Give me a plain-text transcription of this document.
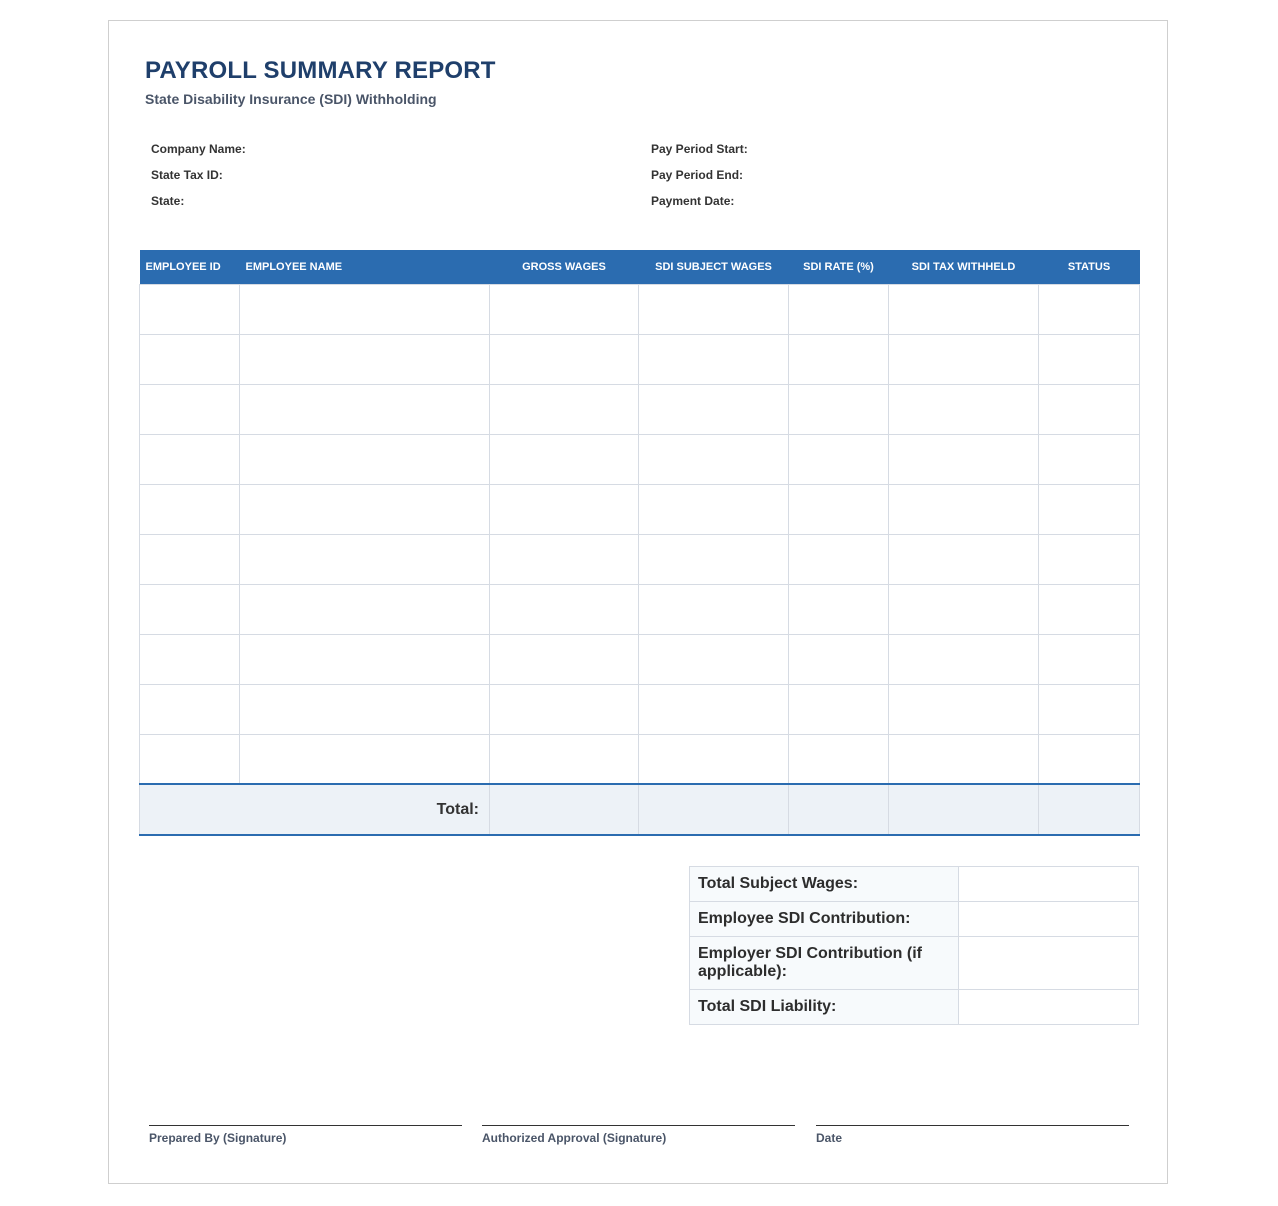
PAYROLL SUMMARY REPORT
State Disability Insurance (SDI) Withholding
Company Name:
State Tax ID:
State:
Pay Period Start:
Pay Period End:
Payment Date:
EMPLOYEE ID	EMPLOYEE NAME	GROSS WAGES	SDI SUBJECT WAGES	SDI RATE (%)	SDI TAX WITHHELD	STATUS

Total:						
Total Subject Wages:	
Employee SDI Contribution:	
Employer SDI Contribution (if applicable):	
Total SDI Liability:	
Prepared By (Signature)	Authorized Approval (Signature)	Date
